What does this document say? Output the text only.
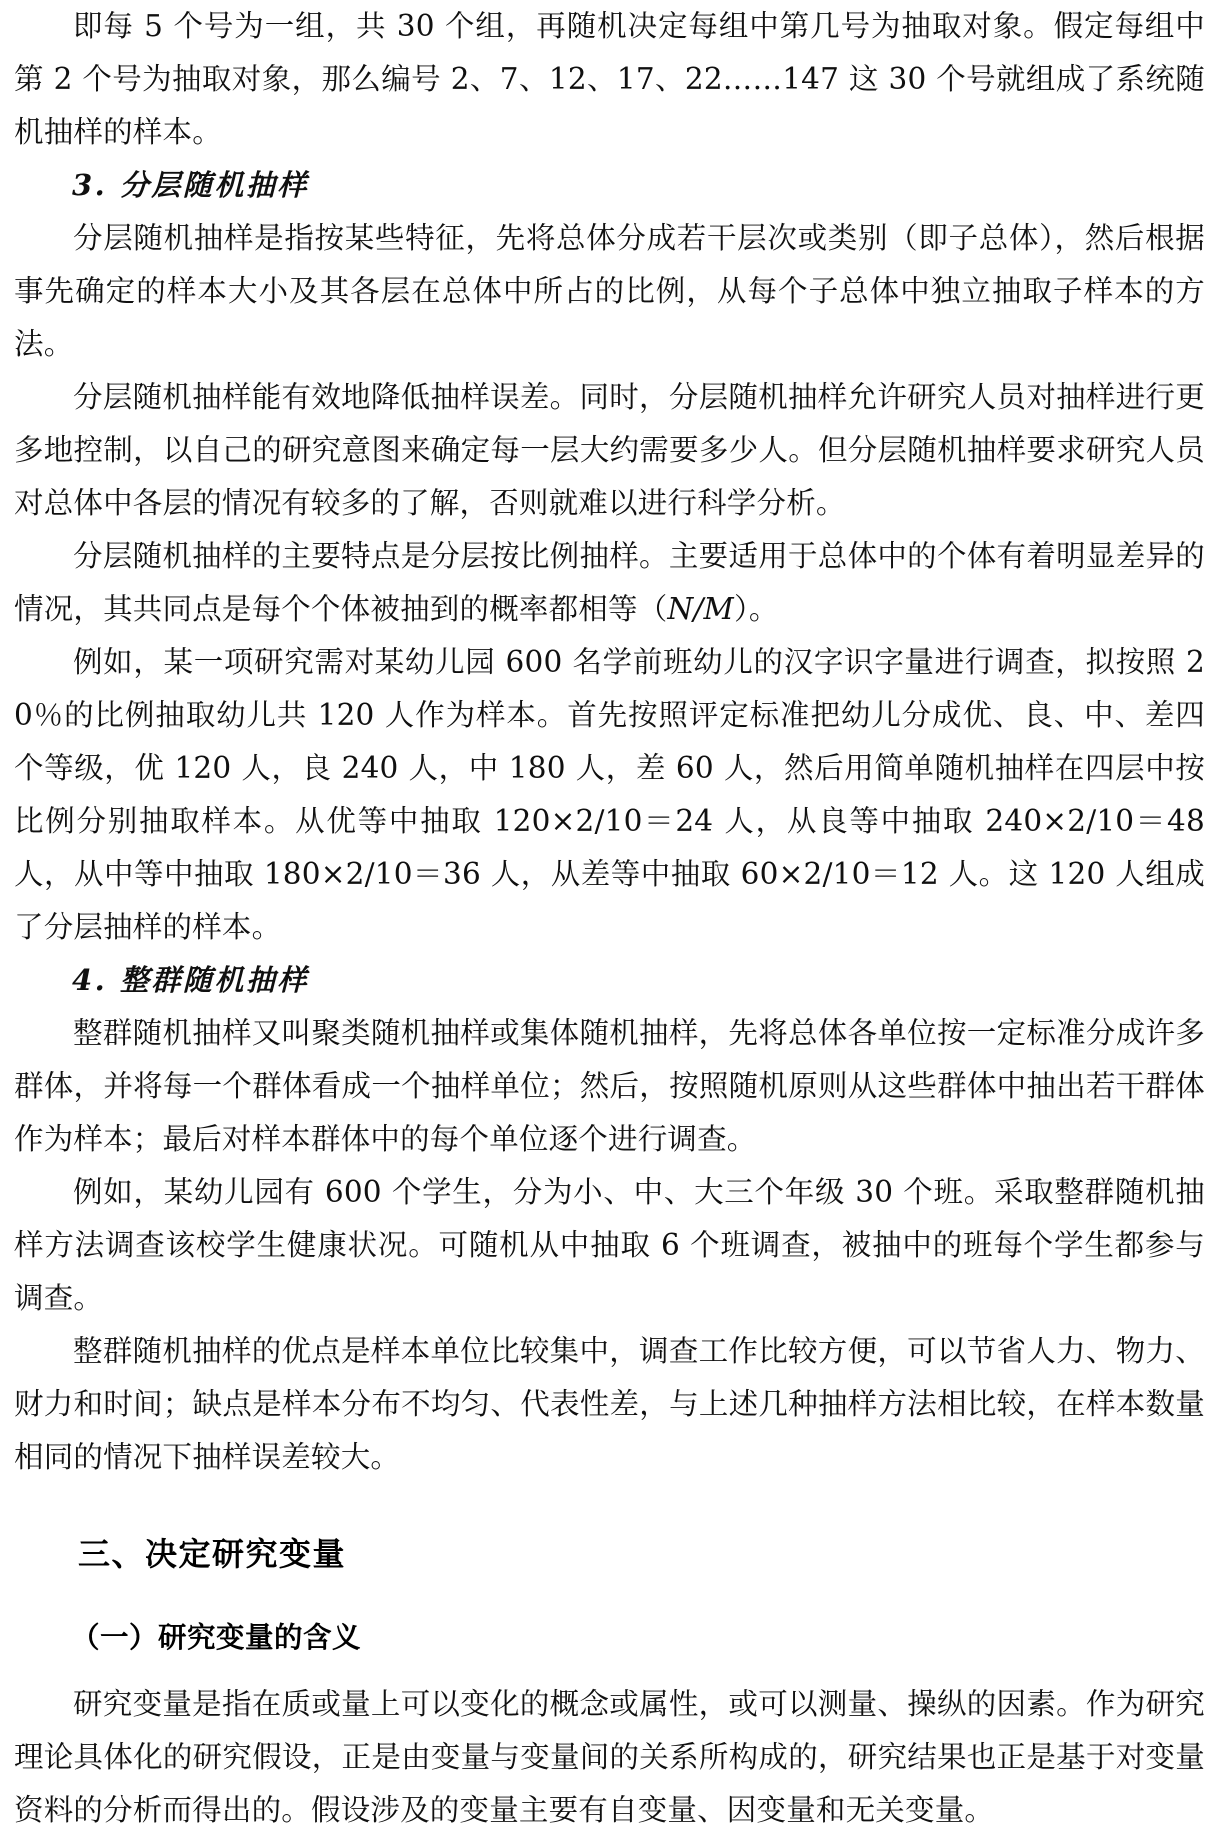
即每 5 个号为一组，共 30 个组，再随机决定每组中第几号为抽取对象。假定每组中第 2 个号为抽取对象，那么编号 2、7、12、17、22……147 这 30 个号就组成了系统随机抽样的样本。

3. 分层随机抽样

分层随机抽样是指按某些特征，先将总体分成若干层次或类别（即子总体），然后根据事先确定的样本大小及其各层在总体中所占的比例，从每个子总体中独立抽取子样本的方法。

分层随机抽样能有效地降低抽样误差。同时，分层随机抽样允许研究人员对抽样进行更多地控制，以自己的研究意图来确定每一层大约需要多少人。但分层随机抽样要求研究人员对总体中各层的情况有较多的了解，否则就难以进行科学分析。

分层随机抽样的主要特点是分层按比例抽样。主要适用于总体中的个体有着明显差异的情况，其共同点是每个个体被抽到的概率都相等（N/M）。

例如，某一项研究需对某幼儿园 600 名学前班幼儿的汉字识字量进行调查，拟按照 20％的比例抽取幼儿共 120 人作为样本。首先按照评定标准把幼儿分成优、良、中、差四个等级，优 120 人，良 240 人，中 180 人，差 60 人，然后用简单随机抽样在四层中按比例分别抽取样本。从优等中抽取 120×2/10＝24 人，从良等中抽取 240×2/10＝48 人，从中等中抽取 180×2/10＝36 人，从差等中抽取 60×2/10＝12 人。这 120 人组成了分层抽样的样本。

4. 整群随机抽样

整群随机抽样又叫聚类随机抽样或集体随机抽样，先将总体各单位按一定标准分成许多群体，并将每一个群体看成一个抽样单位；然后，按照随机原则从这些群体中抽出若干群体作为样本；最后对样本群体中的每个单位逐个进行调查。

例如，某幼儿园有 600 个学生，分为小、中、大三个年级 30 个班。采取整群随机抽样方法调查该校学生健康状况。可随机从中抽取 6 个班调查，被抽中的班每个学生都参与调查。

整群随机抽样的优点是样本单位比较集中，调查工作比较方便，可以节省人力、物力、财力和时间；缺点是样本分布不均匀、代表性差，与上述几种抽样方法相比较，在样本数量相同的情况下抽样误差较大。

三、决定研究变量
（一）研究变量的含义

研究变量是指在质或量上可以变化的概念或属性，或可以测量、操纵的因素。作为研究理论具体化的研究假设，正是由变量与变量间的关系所构成的，研究结果也正是基于对变量资料的分析而得出的。假设涉及的变量主要有自变量、因变量和无关变量。
